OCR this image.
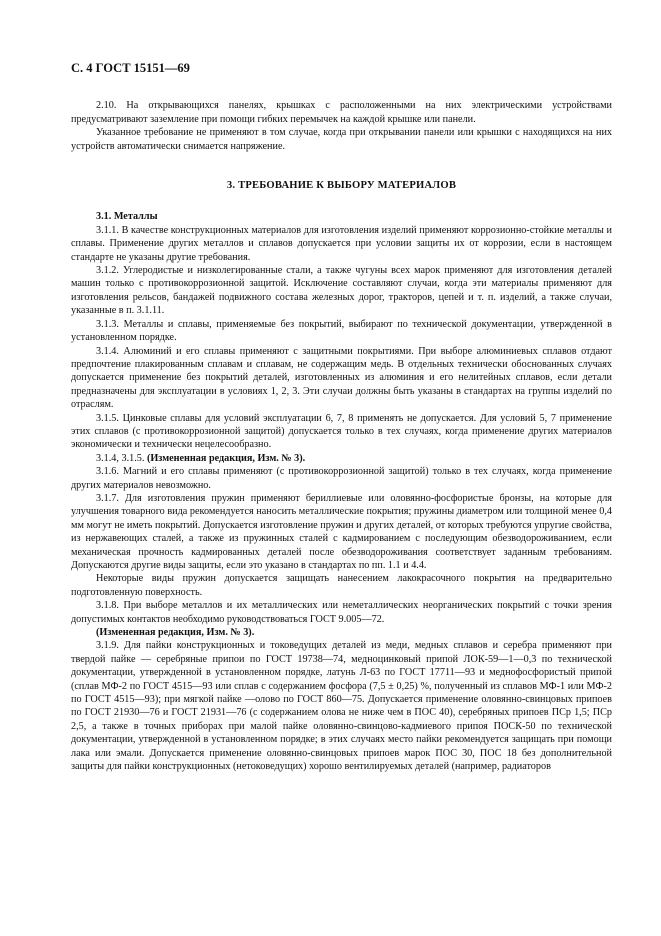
С. 4 ГОСТ 15151—69

2.10. На открывающихся панелях, крышках с расположенными на них электрическими устройствами предусматривают заземление при помощи гибких перемычек на каждой крышке или панели.

Указанное требование не применяют в том случае, когда при открывании панели или крышки с находящихся на них устройств автоматически снимается напряжение.

3. ТРЕБОВАНИЕ К ВЫБОРУ МАТЕРИАЛОВ

3.1. Металлы

3.1.1. В качестве конструкционных материалов для изготовления изделий применяют коррозионно-стойкие металлы и сплавы. Применение других металлов и сплавов допускается при условии защиты их от коррозии, если в настоящем стандарте не указаны другие требования.

3.1.2. Углеродистые и низколегированные стали, а также чугуны всех марок применяют для изготовления деталей машин только с противокоррозионной защитой. Исключение составляют случаи, когда эти материалы применяют для изготовления рельсов, бандажей подвижного состава железных дорог, тракторов, цепей и т. п. изделий, а также случаи, указанные в п. 3.1.11.

3.1.3. Металлы и сплавы, применяемые без покрытий, выбирают по технической документации, утвержденной в установленном порядке.

3.1.4. Алюминий и его сплавы применяют с защитными покрытиями. При выборе алюминиевых сплавов отдают предпочтение плакированным сплавам и сплавам, не содержащим медь. В отдельных технически обоснованных случаях допускается применение без покрытий деталей, изготовленных из алюминия и его нелитейных сплавов, если детали предназначены для эксплуатации в условиях 1, 2, 3. Эти случаи должны быть указаны в стандартах на группы изделий по отраслям.

3.1.5. Цинковые сплавы для условий эксплуатации 6, 7, 8 применять не допускается. Для условий 5, 7 применение этих сплавов (с противокоррозионной защитой) допускается только в тех случаях, когда применение других материалов экономически и технически нецелесообразно.

3.1.4, 3.1.5. (Измененная редакция, Изм. № 3).

3.1.6. Магний и его сплавы применяют (с противокоррозионной защитой) только в тех случаях, когда применение других материалов невозможно.

3.1.7. Для изготовления пружин применяют бериллиевые или оловянно-фосфористые бронзы, на которые для улучшения товарного вида рекомендуется наносить металлические покрытия; пружины диаметром или толщиной менее 0,4 мм могут не иметь покрытий. Допускается изготовление пружин и других деталей, от которых требуются упругие свойства, из нержавеющих сталей, а также из пружинных сталей с кадмированием с последующим обезводороживанием, если механическая прочность кадмированных деталей после обезводороживания соответствует заданным требованиям. Допускаются другие виды защиты, если это указано в стандартах по пп. 1.1 и 4.4.

Некоторые виды пружин допускается защищать нанесением лакокрасочного покрытия на предварительно подготовленную поверхность.

3.1.8. При выборе металлов и их металлических или неметаллических неорганических покрытий с точки зрения допустимых контактов необходимо руководствоваться ГОСТ 9.005—72.

(Измененная редакция, Изм. № 3).

3.1.9. Для пайки конструкционных и токоведущих деталей из меди, медных сплавов и серебра применяют при твердой пайке — серебряные припои по ГОСТ 19738—74, медноцинковый припой ЛОК-59—1—0,3 по технической документации, утвержденной в установленном порядке, латунь Л-63 по ГОСТ 17711—93 и меднофосфористый припой (сплав МФ-2 по ГОСТ 4515—93 или сплав с содержанием фосфора (7,5 ± 0,25) %, полученный из сплавов МФ-1 или МФ-2 по ГОСТ 4515—93); при мягкой пайке —олово по ГОСТ 860—75. Допускается применение оловянно-свинцовых припоев по ГОСТ 21930—76 и ГОСТ 21931—76 (с содержанием олова не ниже чем в ПОС 40), серебряных припоев ПСр 1,5; ПСр 2,5, а также в точных приборах при малой пайке оловянно-свинцово-кадмиевого припоя ПОСК-50 по технической документации, утвержденной в установленном порядке; в этих случаях место пайки рекомендуется защищать при помощи лака или эмали. Допускается применение оловянно-свинцовых припоев марок ПОС 30, ПОС 18 без дополнительной защиты для пайки конструкционных (нетоковедущих) хорошо вентилируемых деталей (например, радиаторов
